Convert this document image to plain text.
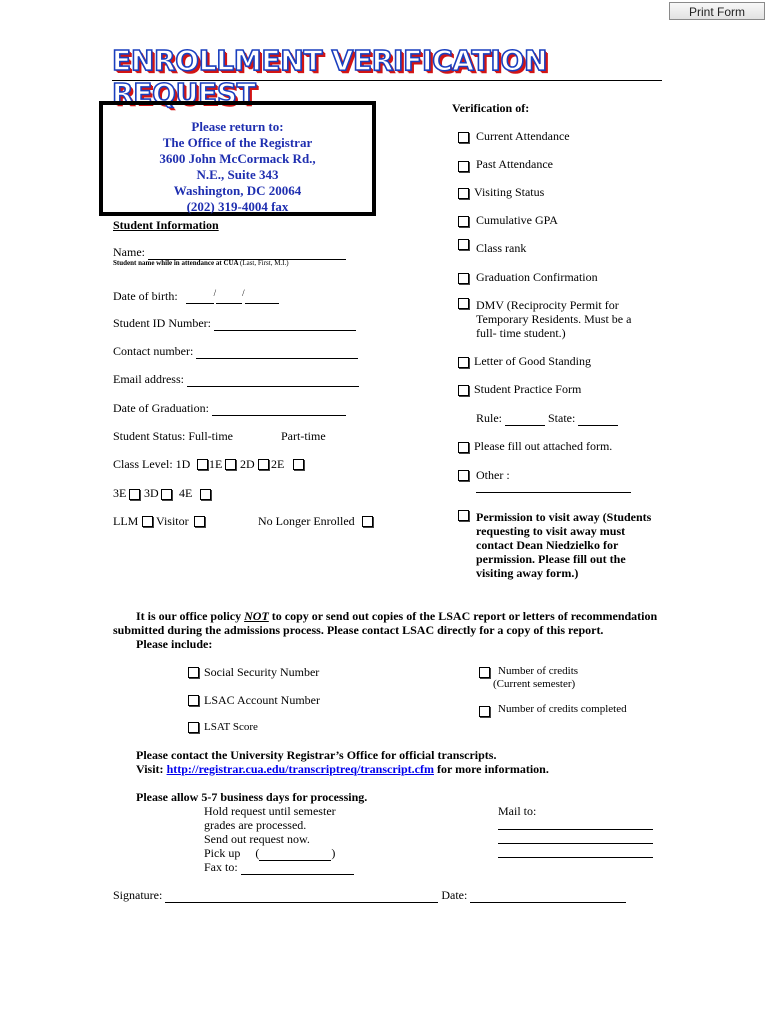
Print Form
ENROLLMENT VERIFICATION REQUEST
Please return to:
The Office of the Registrar
3600 John McCormack Rd.,
N.E., Suite 343
Washington, DC 20064
(202) 319-4004 fax
Student Information
Name:
Student name while in attendance at CUA (Last, First, M.I.)
Date of birth:	/	/
Student ID Number:
Contact number:
Email address:
Date of Graduation:
Student Status: Full-time	Part-time
Class Level: 1D 1E 2D 2E
3E 3D 4E
LLM Visitor	No Longer Enrolled
Verification of:
Current Attendance
Past Attendance
Visiting Status
Cumulative GPA
Class rank
Graduation Confirmation
DMV (Reciprocity Permit for
Temporary Residents. Must be a
full- time student.)
Letter of Good Standing
Student Practice Form
Rule:	State:
Please fill out attached form.
Other :
Permission to visit away (Students
requesting to visit away must
contact Dean Niedzielko for
permission. Please fill out the
visiting away form.)
It is our office policy NOT to copy or send out copies of the LSAC report or letters of recommendation
submitted during the admissions process. Please contact LSAC directly for a copy of this report.
Please include:
Social Security Number
LSAC Account Number
LSAT Score
Number of credits
(Current semester)
Number of credits completed
Please contact the University Registrar’s Office for official transcripts.
Visit: http://registrar.cua.edu/transcriptreq/transcript.cfm for more information.
Please allow 5-7 business days for processing.
Hold request until semester
grades are processed.
Send out request now.
Pick up (	)
Fax to:
Mail to:
Signature:	Date:
